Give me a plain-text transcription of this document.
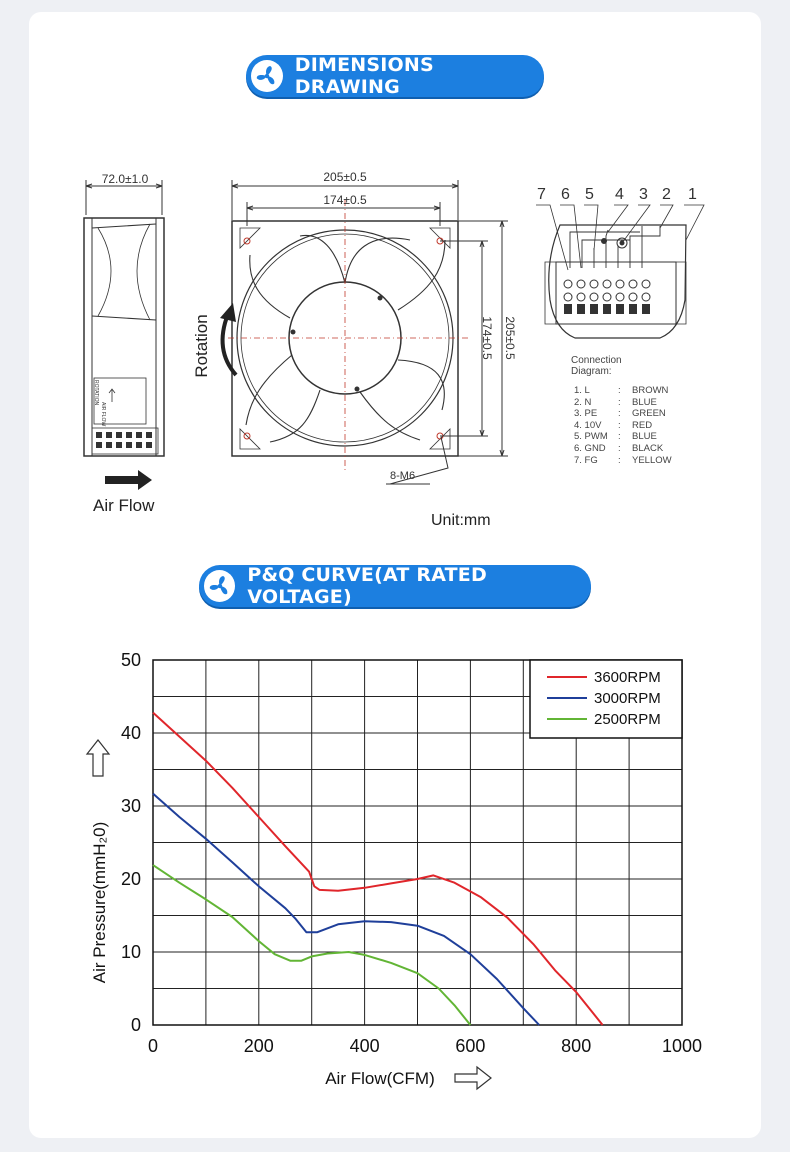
DIMENSIONS DRAWING
72.0±1.0	205±0.5
174±0.5
205±0.5
174±0.5
Rotation
Air Flow
8-M6
Unit:mm
AIR FLOW
ROTATION
7 6 5 4 3 2 1
Connection
Diagram:
1. L	:	BROWN
2. N	:	BLUE
3. PE	:	GREEN
4. 10V	:	RED
5. PWM	:	BLUE
6. GND	:	BLACK
7. FG	:	YELLOW
P&Q CURVE(AT RATED VOLTAGE)
0	200	400	600	800	1000
0
10
20
30
40
50
Air Flow(CFM)
Air Pressure(mmH₂0)
3600RPM
3000RPM
2500RPM
